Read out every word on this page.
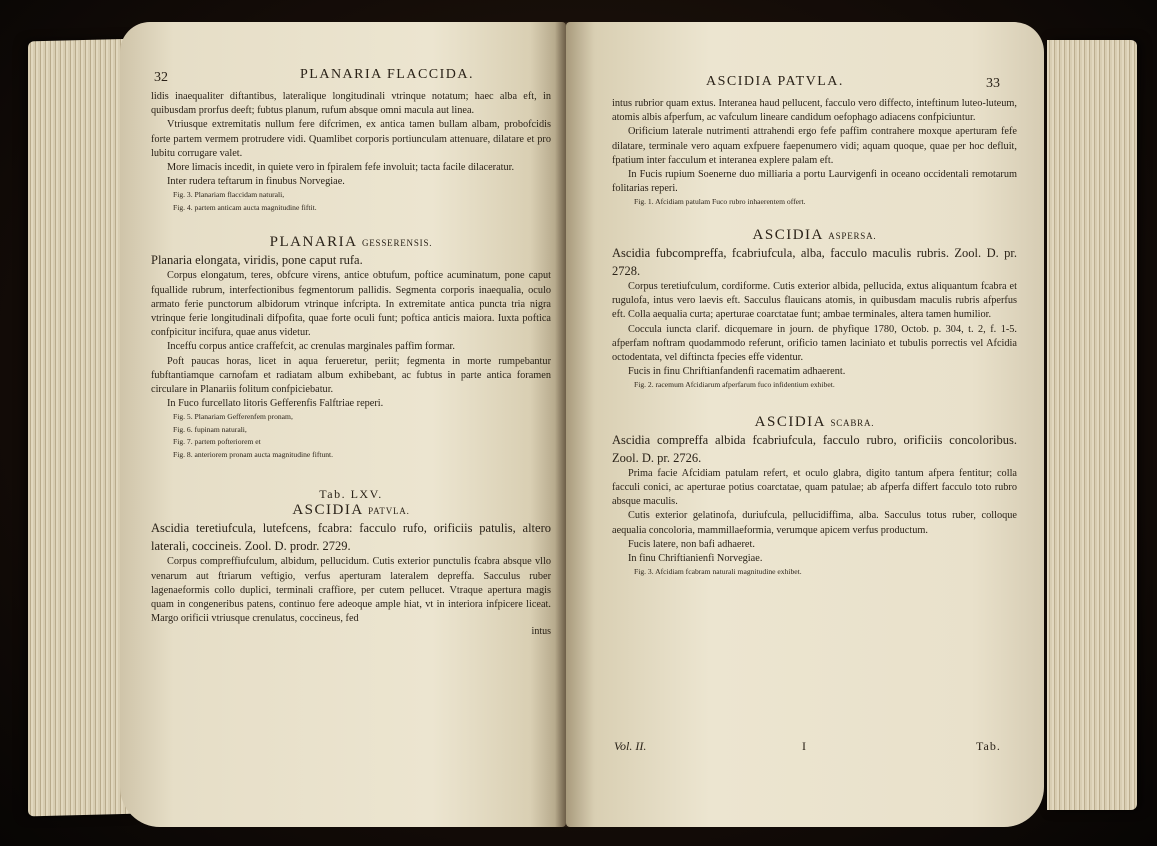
32	PLANARIA FLACCIDA.

lidis inaequaliter diftantibus, lateralique longitudinali vtrinque notatum; haec alba eft, in quibusdam prorfus deeft; fubtus planum, rufum absque omni macula aut linea.

Vtriusque extremitatis nullum fere difcrimen, ex antica tamen bullam albam, probofcidis forte partem vermem protrudere vidi. Quamlibet corporis portiunculam attenuare, dilatare et pro lubitu corrugare valet.

More limacis incedit, in quiete vero in fpiralem fefe involuit; tacta facile dilaceratur.

Inter rudera teftarum in finubus Norvegiae.

Fig. 3. Planariam flaccidam naturali,
Fig. 4. partem anticam aucta magnitudine fiftit.
PLANARIA GESSERENSIS.
Planaria elongata, viridis, pone caput rufa.

Corpus elongatum, teres, obfcure virens, antice obtufum, poftice acuminatum, pone caput fquallide rubrum, interfectionibus fegmentorum pallidis. Segmenta corporis inaequalia, oculo armato ferie punctorum albidorum vtrinque infcripta. In extremitate antica puncta tria nigra vtrinque ferie longitudinali difpofita, quae forte oculi funt; poftica anticis maiora. Iuxta poftica confpicitur incifura, quae anus videtur.

Inceffu corpus antice craffefcit, ac crenulas marginales paffim formar.

Poft paucas horas, licet in aqua ferueretur, periit; fegmenta in morte rumpebantur fubftantiamque carnofam et radiatam album exhibebant, ac fubtus in parte antica foramen circulare in Planariis folitum confpiciebatur.

In Fuco furcellato litoris Gefferenfis Falftriae reperi.

Fig. 5. Planariam Gefferenfem pronam,
Fig. 6. fupinam naturali,
Fig. 7. partem pofteriorem et
Fig. 8. anteriorem pronam aucta magnitudine fiftunt.
Tab. LXV.
ASCIDIA PATVLA.
Ascidia teretiufcula, lutefcens, fcabra: facculo rufo, orificiis patulis, altero laterali, coccineis. Zool. D. prodr. 2729.

Corpus compreffiufculum, albidum, pellucidum. Cutis exterior punctulis fcabra absque vllo venarum aut ftriarum veftigio, verfus aperturam lateralem depreffa. Sacculus ruber lagenaeformis collo duplici, terminali craffiore, per cutem pellucet. Vtraque apertura magis quam in congeneribus patens, continuo fere adeoque ample hiat, vt in interiora infpicere liceat. Margo orificii vtriusque crenulatus, coccineus, fed

intus
ASCIDIA PATVLA.	33

intus rubrior quam extus. Interanea haud pellucent, facculo vero diffecto, inteftinum luteo-luteum, atomis albis afperfum, ac vafculum lineare candidum oefophago adiacens confpiciuntur.

Orificium laterale nutrimenti attrahendi ergo fefe paffim contrahere moxque aperturam fefe dilatare, terminale vero aquam exfpuere faepenumero vidi; aquam quoque, quae per hoc defluit, fpatium inter facculum et interanea explere palam eft.

In Fucis rupium Soenerne duo milliaria a portu Laurvigenfi in oceano occidentali remotarum folitarias reperi.

Fig. 1. Afcidiam patulam Fuco rubro inhaerentem offert.
ASCIDIA ASPERSA.
Ascidia fubcompreffa, fcabriufcula, alba, facculo maculis rubris. Zool. D. pr. 2728.

Corpus teretiufculum, cordiforme. Cutis exterior albida, pellucida, extus aliquantum fcabra et rugulofa, intus vero laevis eft. Sacculus flauicans atomis, in quibusdam maculis rubris afperfus eft. Colla aequalia curta; aperturae coarctatae funt; ambae terminales, altera tamen humilior.

Coccula iuncta clarif. dicquemare in journ. de phyfique 1780, Octob. p. 304, t. 2, f. 1-5. afperfam noftram quodammodo referunt, orificio tamen laciniato et tubulis porrectis vel Afcidia octodentata, vel diftincta fpecies effe videntur.

Fucis in finu Chriftianfandenfi racematim adhaerent.

Fig. 2. racemum Afcidiarum afperfarum fuco infidentium exhibet.
ASCIDIA SCABRA.
Ascidia compreffa albida fcabriufcula, facculo rubro, orificiis concoloribus. Zool. D. pr. 2726.

Prima facie Afcidiam patulam refert, et oculo glabra, digito tantum afpera fentitur; colla facculi conici, ac aperturae potius coarctatae, quam patulae; ab afperfa differt facculo toto rubro absque maculis.

Cutis exterior gelatinofa, duriufcula, pellucidiffima, alba. Sacculus totus ruber, colloque aequalia concoloria, mammillaeformia, verumque apicem verfus productum.

Fucis latere, non bafi adhaeret.

In finu Chriftianienfi Norvegiae.

Fig. 3. Afcidiam fcabram naturali magnitudine exhibet.
Vol. II.	I	Tab.
